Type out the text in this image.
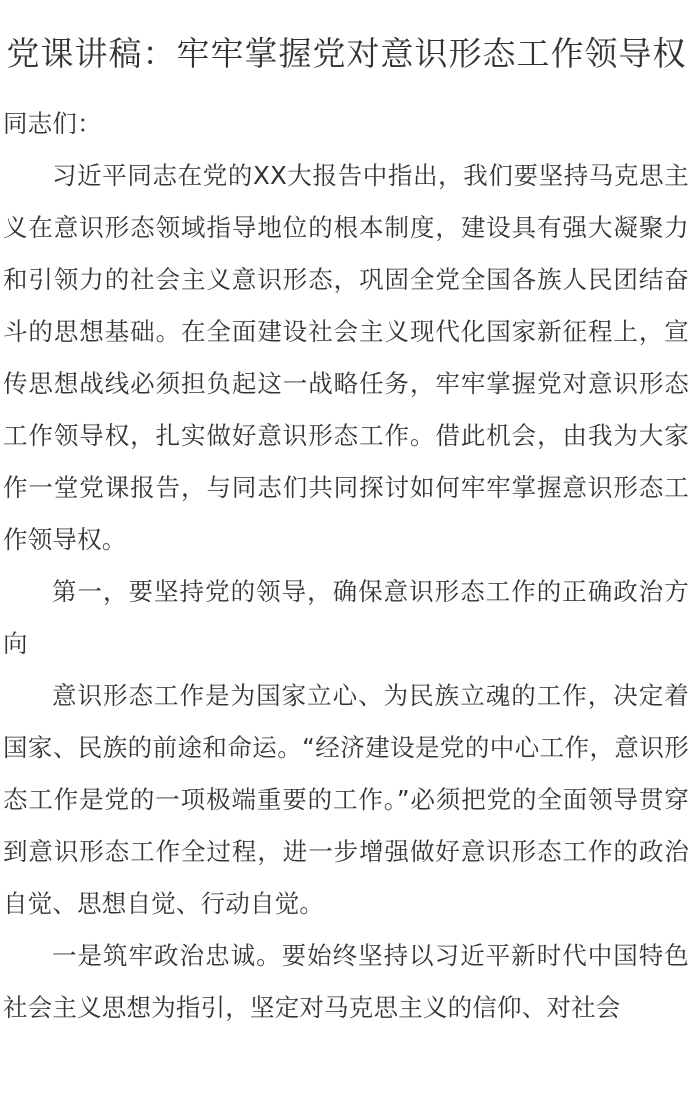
党课讲稿：牢牢掌握党对意识形态工作领导权

同志们：

习近平同志在党的XX大报告中指出，我们要坚持马克思主义在意识形态领域指导地位的根本制度，建设具有强大凝聚力和引领力的社会主义意识形态，巩固全党全国各族人民团结奋斗的思想基础。在全面建设社会主义现代化国家新征程上，宣传思想战线必须担负起这一战略任务，牢牢掌握党对意识形态工作领导权，扎实做好意识形态工作。借此机会，由我为大家作一堂党课报告，与同志们共同探讨如何牢牢掌握意识形态工作领导权。

第一，要坚持党的领导，确保意识形态工作的正确政治方向

意识形态工作是为国家立心、为民族立魂的工作，决定着国家、民族的前途和命运。“经济建设是党的中心工作，意识形态工作是党的一项极端重要的工作。”必须把党的全面领导贯穿到意识形态工作全过程，进一步增强做好意识形态工作的政治自觉、思想自觉、行动自觉。

一是筑牢政治忠诚。要始终坚持以习近平新时代中国特色社会主义思想为指引，坚定对马克思主义的信仰、对社会
